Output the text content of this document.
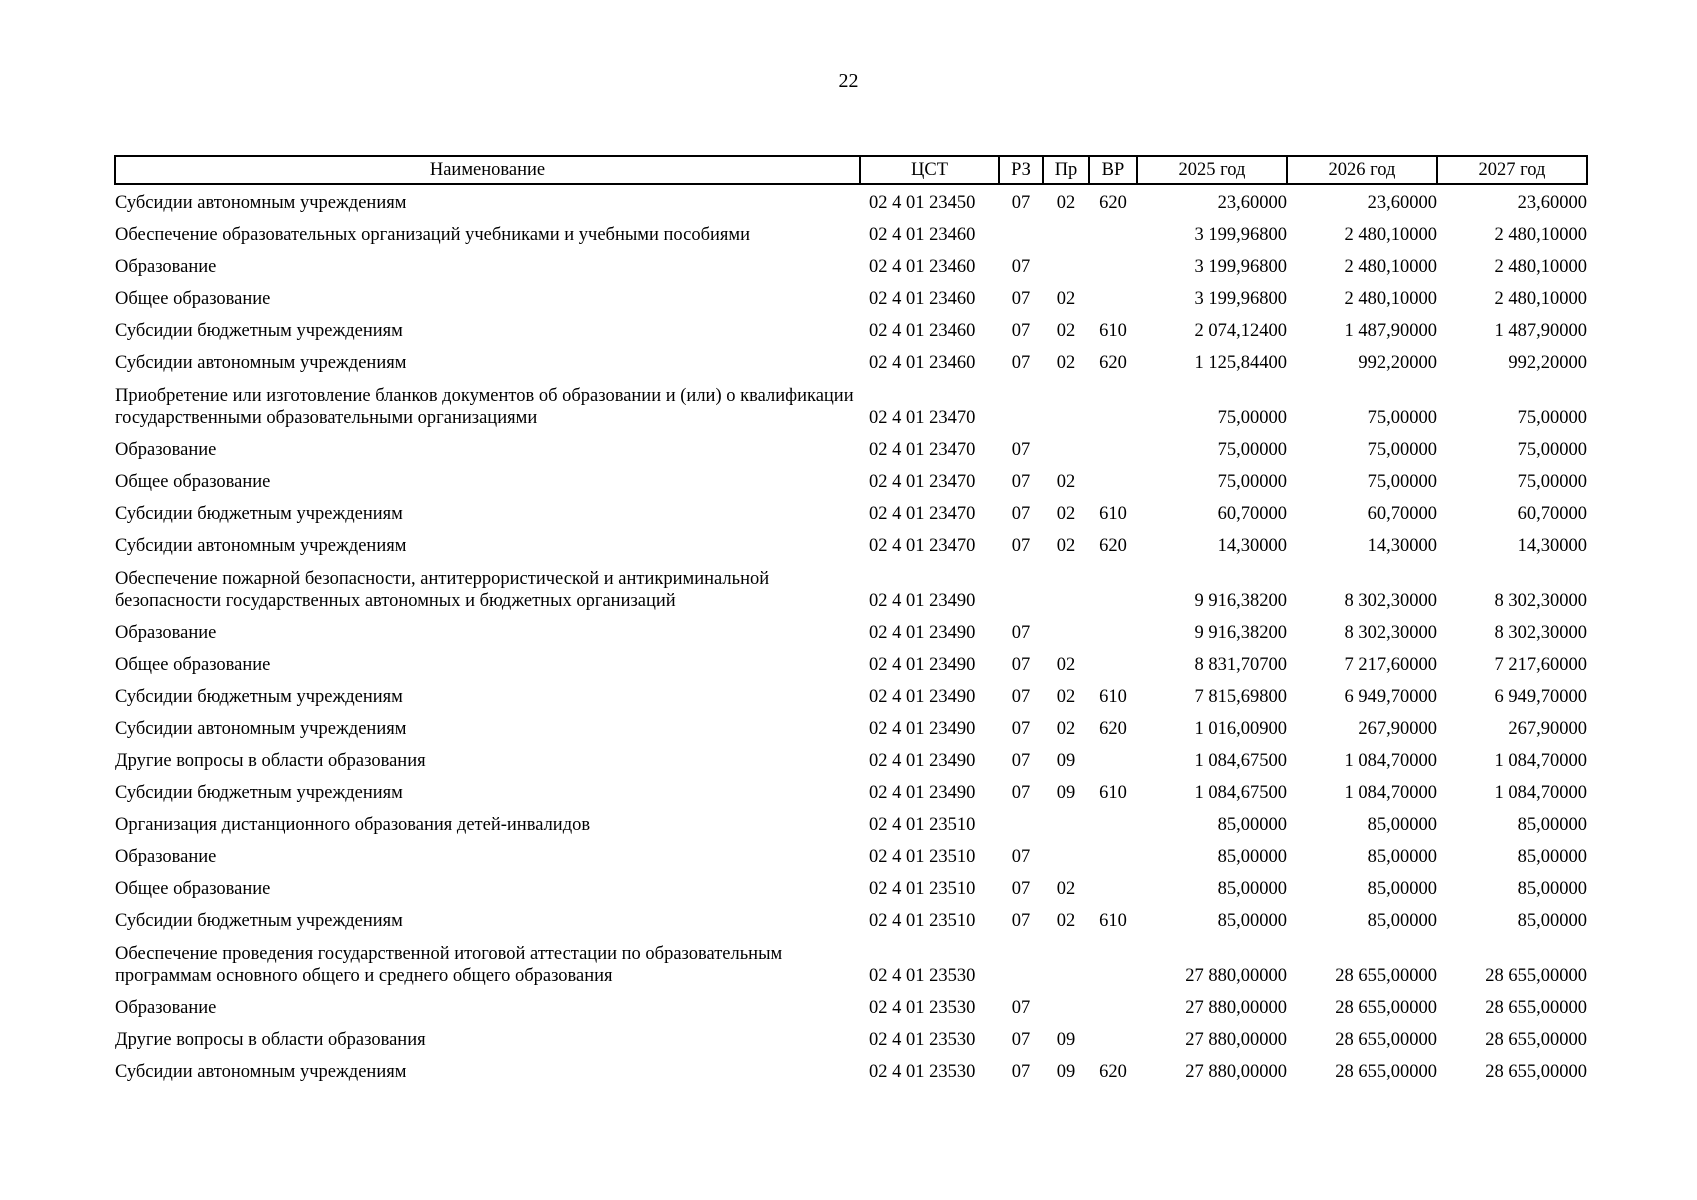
22
Наименование	ЦСТ	РЗ	Пр	ВР	2025 год	2026 год	2027 год
Субсидии автономным учреждениям	02 4 01 23450	07	02	620	23,60000	23,60000	23,60000
Обеспечение образовательных организаций учебниками и учебными пособиями	02 4 01 23460				3 199,96800	2 480,10000	2 480,10000
Образование	02 4 01 23460	07			3 199,96800	2 480,10000	2 480,10000
Общее образование	02 4 01 23460	07	02		3 199,96800	2 480,10000	2 480,10000
Субсидии бюджетным учреждениям	02 4 01 23460	07	02	610	2 074,12400	1 487,90000	1 487,90000
Субсидии автономным учреждениям	02 4 01 23460	07	02	620	1 125,84400	992,20000	992,20000
Приобретение или изготовление бланков документов об образовании и (или) о квалификации государственными образовательными организациями	02 4 01 23470				75,00000	75,00000	75,00000
Образование	02 4 01 23470	07			75,00000	75,00000	75,00000
Общее образование	02 4 01 23470	07	02		75,00000	75,00000	75,00000
Субсидии бюджетным учреждениям	02 4 01 23470	07	02	610	60,70000	60,70000	60,70000
Субсидии автономным учреждениям	02 4 01 23470	07	02	620	14,30000	14,30000	14,30000
Обеспечение пожарной безопасности, антитеррористической и антикриминальной безопасности государственных автономных и бюджетных организаций	02 4 01 23490				9 916,38200	8 302,30000	8 302,30000
Образование	02 4 01 23490	07			9 916,38200	8 302,30000	8 302,30000
Общее образование	02 4 01 23490	07	02		8 831,70700	7 217,60000	7 217,60000
Субсидии бюджетным учреждениям	02 4 01 23490	07	02	610	7 815,69800	6 949,70000	6 949,70000
Субсидии автономным учреждениям	02 4 01 23490	07	02	620	1 016,00900	267,90000	267,90000
Другие вопросы в области образования	02 4 01 23490	07	09		1 084,67500	1 084,70000	1 084,70000
Субсидии бюджетным учреждениям	02 4 01 23490	07	09	610	1 084,67500	1 084,70000	1 084,70000
Организация дистанционного образования детей-инвалидов	02 4 01 23510				85,00000	85,00000	85,00000
Образование	02 4 01 23510	07			85,00000	85,00000	85,00000
Общее образование	02 4 01 23510	07	02		85,00000	85,00000	85,00000
Субсидии бюджетным учреждениям	02 4 01 23510	07	02	610	85,00000	85,00000	85,00000
Обеспечение проведения государственной итоговой аттестации по образовательным программам основного общего и среднего общего образования	02 4 01 23530				27 880,00000	28 655,00000	28 655,00000
Образование	02 4 01 23530	07			27 880,00000	28 655,00000	28 655,00000
Другие вопросы в области образования	02 4 01 23530	07	09		27 880,00000	28 655,00000	28 655,00000
Субсидии автономным учреждениям	02 4 01 23530	07	09	620	27 880,00000	28 655,00000	28 655,00000
